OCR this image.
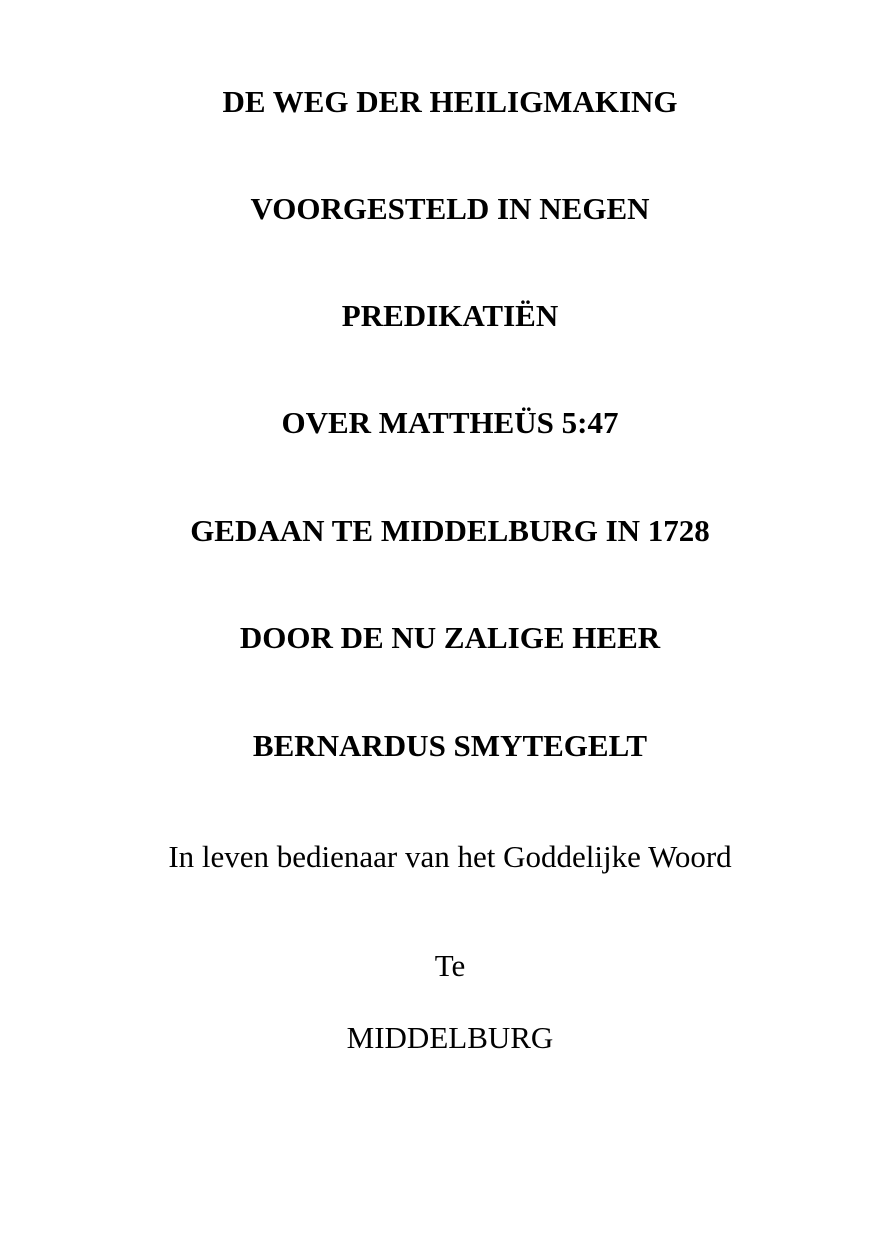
DE WEG DER HEILIGMAKING
VOORGESTELD IN NEGEN
PREDIKATIËN
OVER MATTHEÜS 5:47
GEDAAN TE MIDDELBURG IN 1728
DOOR DE NU ZALIGE HEER
BERNARDUS SMYTEGELT
In leven bedienaar van het Goddelijke Woord
Te
MIDDELBURG
